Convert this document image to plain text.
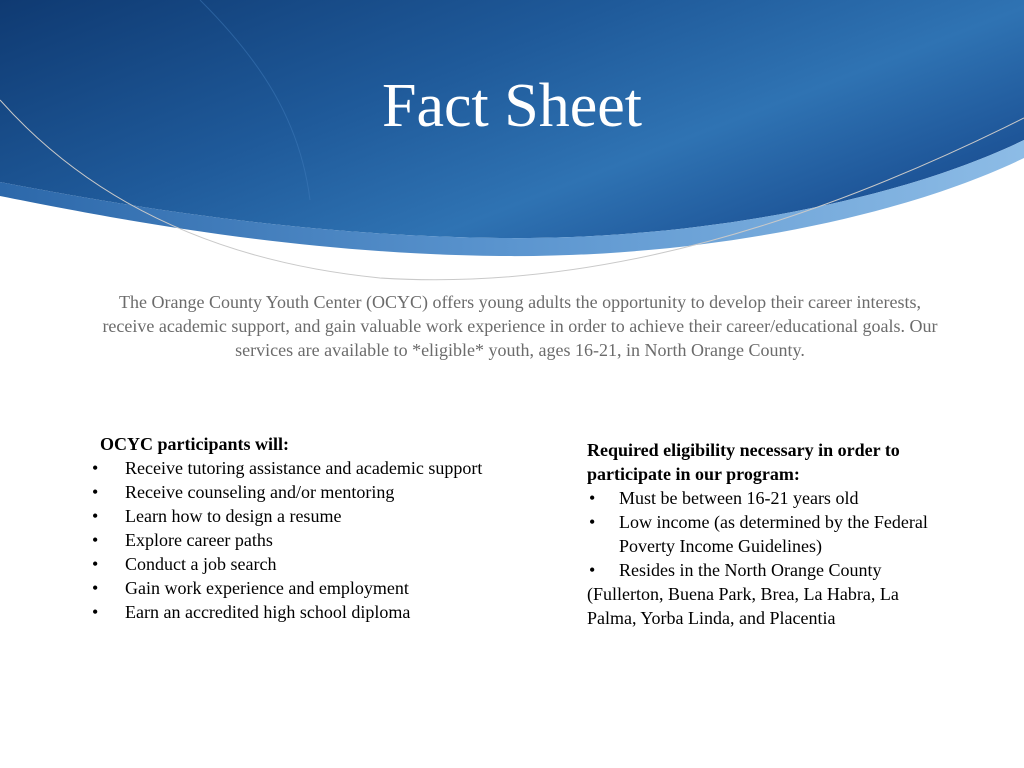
Fact Sheet
The Orange County Youth Center (OCYC) offers young adults the opportunity to develop their career interests, receive academic support, and gain valuable work experience in order to achieve their career/educational goals. Our services are available to *eligible* youth, ages 16-21, in North Orange County.
OCYC participants will:
• Receive tutoring assistance and academic support
• Receive counseling and/or mentoring
• Learn how to design a resume
• Explore career paths
• Conduct a job search
• Gain work experience and employment
• Earn an accredited high school diploma
Required eligibility necessary in order to participate in our program:
• Must be between 16-21 years old
• Low income (as determined by the Federal Poverty Income Guidelines)
• Resides in the North Orange County

(Fullerton, Buena Park, Brea, La Habra, La Palma, Yorba Linda, and Placentia
